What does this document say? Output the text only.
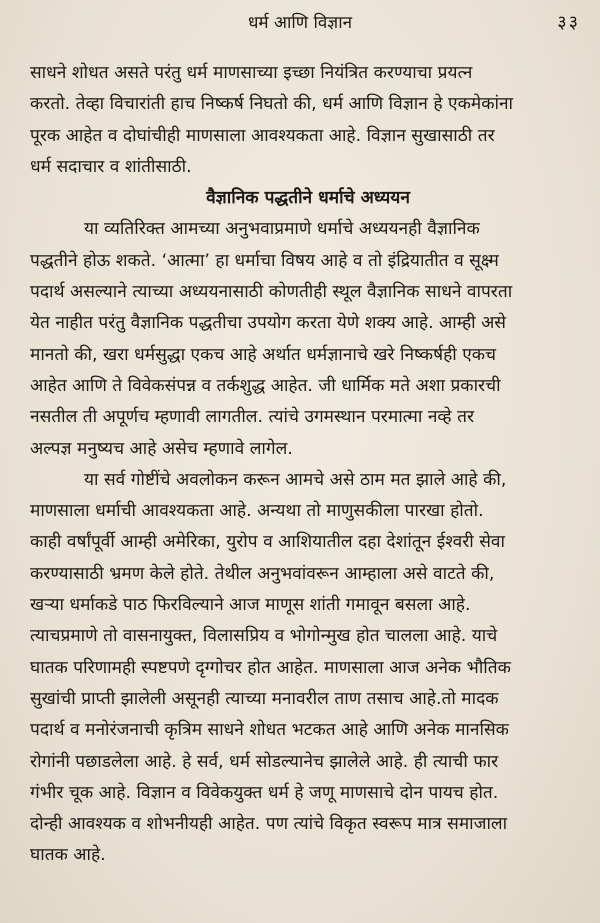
धर्म आणि विज्ञान	३३
साधने शोधत असते परंतु धर्म माणसाच्या इच्छा नियंत्रित करण्याचा प्रयत्न
करतो. तेव्हा विचारांती हाच निष्कर्ष निघतो की, धर्म आणि विज्ञान हे एकमेकांना
पूरक आहेत व दोघांचीही माणसाला आवश्यकता आहे. विज्ञान सुखासाठी तर
धर्म सदाचार व शांतीसाठी.
वैज्ञानिक पद्धतीने धर्माचे अध्ययन
या व्यतिरिक्त आमच्या अनुभवाप्रमाणे धर्माचे अध्ययनही वैज्ञानिक
पद्धतीने होऊ शकते. ‘आत्मा’ हा धर्माचा विषय आहे व तो इंद्रियातीत व सूक्ष्म
पदार्थ असल्याने त्याच्या अध्ययनासाठी कोणतीही स्थूल वैज्ञानिक साधने वापरता
येत नाहीत परंतु वैज्ञानिक पद्धतीचा उपयोग करता येणे शक्य आहे. आम्ही असे
मानतो की, खरा धर्मसुद्धा एकच आहे अर्थात धर्मज्ञानाचे खरे निष्कर्षही एकच
आहेत आणि ते विवेकसंपन्न व तर्कशुद्ध आहेत. जी धार्मिक मते अशा प्रकारची
नसतील ती अपूर्णच म्हणावी लागतील. त्यांचे उगमस्थान परमात्मा नव्हे तर
अल्पज्ञ मनुष्यच आहे असेच म्हणावे लागेल.
या सर्व गोष्टींचे अवलोकन करून आमचे असे ठाम मत झाले आहे की,
माणसाला धर्माची आवश्यकता आहे. अन्यथा तो माणुसकीला पारखा होतो.
काही वर्षांपूर्वी आम्ही अमेरिका, युरोप व आशियातील दहा देशांतून ईश्वरी सेवा
करण्यासाठी भ्रमण केले होते. तेथील अनुभवांवरून आम्हाला असे वाटते की,
खऱ्या धर्माकडे पाठ फिरविल्याने आज माणूस शांती गमावून बसला आहे.
त्याचप्रमाणे तो वासनायुक्त, विलासप्रिय व भोगोन्मुख होत चालला आहे. याचे
घातक परिणामही स्पष्टपणे दृग्गोचर होत आहेत. माणसाला आज अनेक भौतिक
सुखांची प्राप्ती झालेली असूनही त्याच्या मनावरील ताण तसाच आहे.तो मादक
पदार्थ व मनोरंजनाची कृत्रिम साधने शोधत भटकत आहे आणि अनेक मानसिक
रोगांनी पछाडलेला आहे. हे सर्व, धर्म सोडल्यानेच झालेले आहे. ही त्याची फार
गंभीर चूक आहे. विज्ञान व विवेकयुक्त धर्म हे जणू माणसाचे दोन पायच होत.
दोन्ही आवश्यक व शोभनीयही आहेत. पण त्यांचे विकृत स्वरूप मात्र समाजाला
घातक आहे.
